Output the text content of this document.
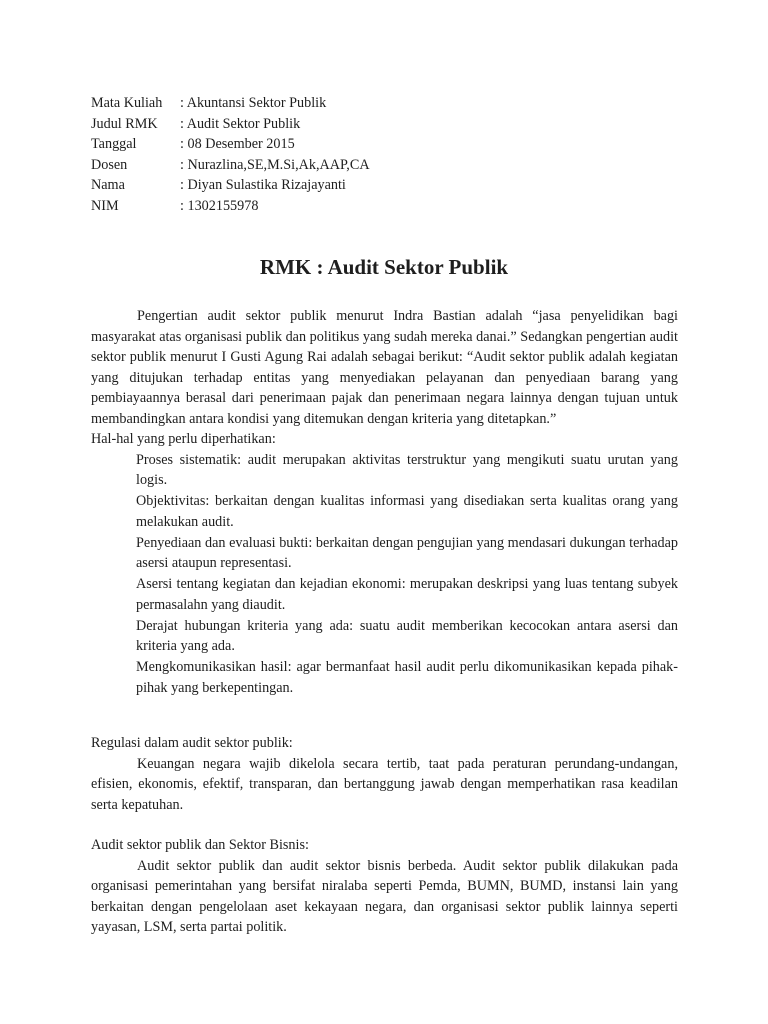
Mata Kuliah	: Akuntansi Sektor Publik
Judul RMK	: Audit Sektor Publik
Tanggal	: 08 Desember 2015
Dosen	: Nurazlina,SE,M.Si,Ak,AAP,CA
Nama	: Diyan Sulastika Rizajayanti
NIM	: 1302155978
RMK : Audit Sektor Publik

Pengertian audit sektor publik menurut Indra Bastian adalah “jasa penyelidikan bagi masyarakat atas organisasi publik dan politikus yang sudah mereka danai.” Sedangkan pengertian audit sektor publik menurut I Gusti Agung Rai adalah sebagai berikut: “Audit sektor publik adalah kegiatan yang ditujukan terhadap entitas yang menyediakan pelayanan dan penyediaan barang yang pembiayaannya berasal dari penerimaan pajak dan penerimaan negara lainnya dengan tujuan untuk membandingkan antara kondisi yang ditemukan dengan kriteria yang ditetapkan.”

Hal-hal yang perlu diperhatikan:

Proses sistematik: audit merupakan aktivitas terstruktur yang mengikuti suatu urutan yang logis.
Objektivitas: berkaitan dengan kualitas informasi yang disediakan serta kualitas orang yang melakukan audit.
Penyediaan dan evaluasi bukti: berkaitan dengan pengujian yang mendasari dukungan terhadap asersi ataupun representasi.
Asersi tentang kegiatan dan kejadian ekonomi: merupakan deskripsi yang luas tentang subyek permasalahn yang diaudit.
Derajat hubungan kriteria yang ada: suatu audit memberikan kecocokan antara asersi dan kriteria yang ada.
Mengkomunikasikan hasil: agar bermanfaat hasil audit perlu dikomunikasikan kepada pihak-pihak yang berkepentingan.

Regulasi dalam audit sektor publik:

Keuangan negara wajib dikelola secara tertib, taat pada peraturan perundang-undangan, efisien, ekonomis, efektif, transparan, dan bertanggung jawab dengan memperhatikan rasa keadilan serta kepatuhan.

Audit sektor publik dan Sektor Bisnis:

Audit sektor publik dan audit sektor bisnis berbeda. Audit sektor publik dilakukan pada organisasi pemerintahan yang bersifat niralaba seperti Pemda, BUMN, BUMD, instansi lain yang berkaitan dengan pengelolaan aset kekayaan negara, dan organisasi sektor publik lainnya seperti yayasan, LSM, serta partai politik.
